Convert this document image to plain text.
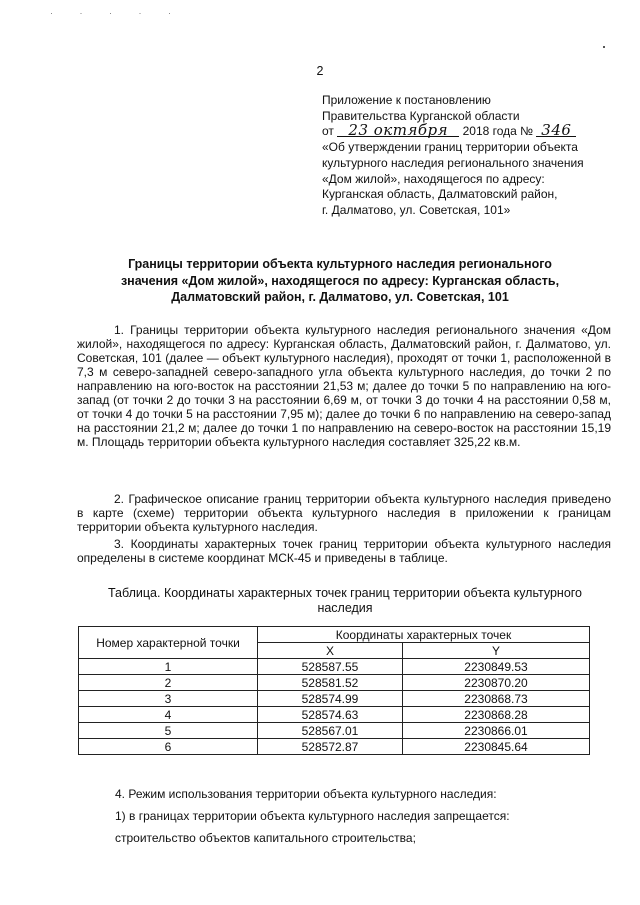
· · · · ·
2
Приложение к постановлению
Правительства Курганской области
от 23 октября 2018 года № 346
«Об утверждении границ территории объекта
культурного наследия регионального значения
«Дом жилой», находящегося по адресу:
Курганская область, Далматовский район,
г. Далматово, ул. Советская, 101»
Границы территории объекта культурного наследия регионального
значения «Дом жилой», находящегося по адресу: Курганская область,
Далматовский район, г. Далматово, ул. Советская, 101

1. Границы территории объекта культурного наследия регионального значения «Дом жилой», находящегося по адресу: Курганская область, Далматовский район, г. Далматово, ул. Советская, 101 (далее — объект культурного наследия), проходят от точки 1, расположенной в 7,3 м северо-западней северо-западного угла объекта культурного наследия, до точки 2 по направлению на юго-восток на расстоянии 21,53 м; далее до точки 5 по направлению на юго-запад (от точки 2 до точки 3 на расстоянии 6,69 м, от точки 3 до точки 4 на расстоянии 0,58 м, от точки 4 до точки 5 на расстоянии 7,95 м); далее до точки 6 по направлению на северо-запад на расстоянии 21,2 м; далее до точки 1 по направлению на северо-восток на расстоянии 15,19 м. Площадь территории объекта культурного наследия составляет 325,22 кв.м.

2. Графическое описание границ территории объекта культурного наследия приведено в карте (схеме) территории объекта культурного наследия в приложении к границам территории объекта культурного наследия.

3. Координаты характерных точек границ территории объекта культурного наследия определены в системе координат МСК-45 и приведены в таблице.

Таблица. Координаты характерных точек границ территории объекта культурного
наследия
Номер характерной точки	Координаты характерных точек	
	X	Y
1	528587.55	2230849.53
2	528581.52	2230870.20
3	528574.99	2230868.73
4	528574.63	2230868.28
5	528567.01	2230866.01
6	528572.87	2230845.64
4. Режим использования территории объекта культурного наследия:
1) в границах территории объекта культурного наследия запрещается:
строительство объектов капитального строительства;
